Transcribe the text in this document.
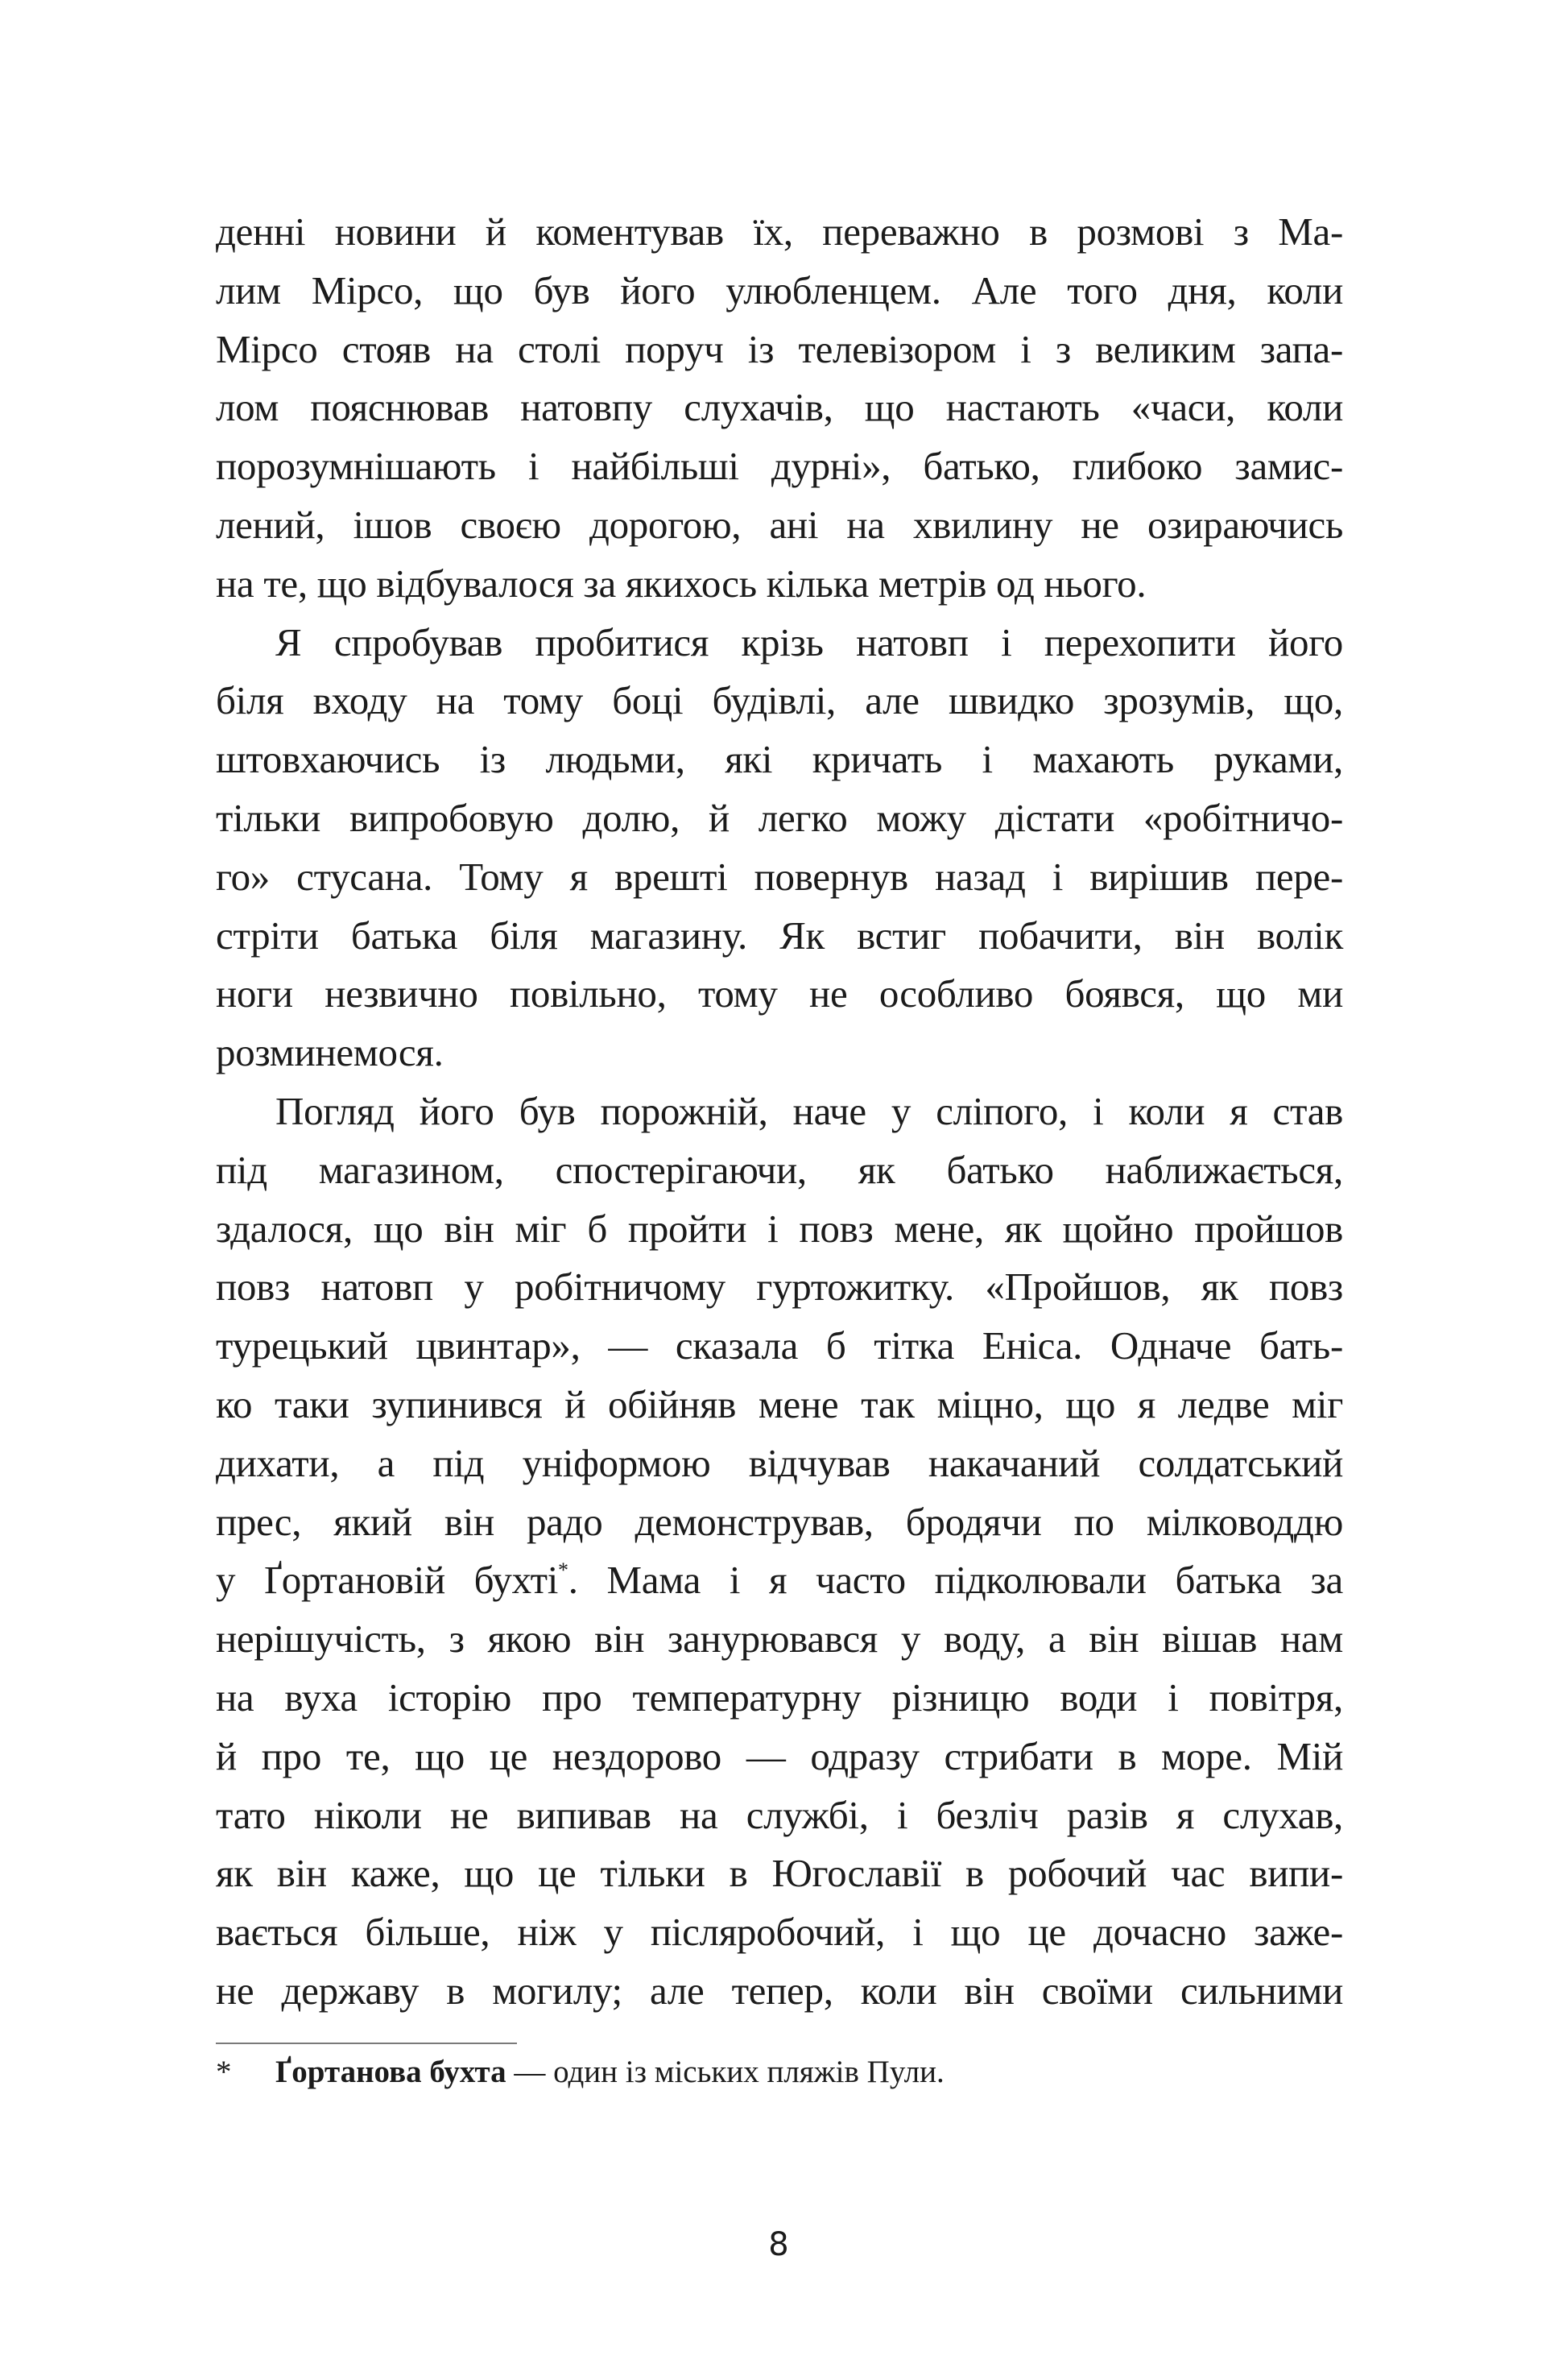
денні новини й коментував їх, переважно в розмові з Ма-
лим Мірсо, що був його улюбленцем. Але того дня, коли
Мірсо стояв на столі поруч із телевізором і з великим запа-
лом пояснював натовпу слухачів, що настають «часи, коли
порозумнішають і найбільші дурні», батько, глибоко замис-
лений, ішов своєю дорогою, ані на хвилину не озираючись
на те, що відбувалося за якихось кілька метрів од нього.
Я спробував пробитися крізь натовп і перехопити його
біля входу на тому боці будівлі, але швидко зрозумів, що,
штовхаючись із людьми, які кричать і махають руками,
тільки випробовую долю, й легко можу дістати «робітничо-
го» стусана. Тому я врешті повернув назад і вирішив пере-
стріти батька біля магазину. Як встиг побачити, він волік
ноги незвично повільно, тому не особливо боявся, що ми
розминемося.
Погляд його був порожній, наче у сліпого, і коли я став
під магазином, спостерігаючи, як батько наближається,
здалося, що він міг б пройти і повз мене, як щойно пройшов
повз натовп у робітничому гуртожитку. «Пройшов, як повз
турецький цвинтар», — сказала б тітка Еніса. Одначе бать-
ко таки зупинився й обійняв мене так міцно, що я ледве міг
дихати, а під уніформою відчував накачаний солдатський
прес, який він радо демонстрував, бродячи по мілководдю
у Ґортановій бухті*. Мама і я часто підколювали батька за
нерішучість, з якою він занурювався у воду, а він вішав нам
на вуха історію про температурну різницю води і повітря,
й про те, що це нездорово — одразу стрибати в море. Мій
тато ніколи не випивав на службі, і безліч разів я слухав,
як він каже, що це тільки в Югославії в робочий час випи-
вається більше, ніж у післяробочий, і що це дочасно заже-
не державу в могилу; але тепер, коли він своїми сильними
* Ґортанова бухта — один із міських пляжів Пули.
8
